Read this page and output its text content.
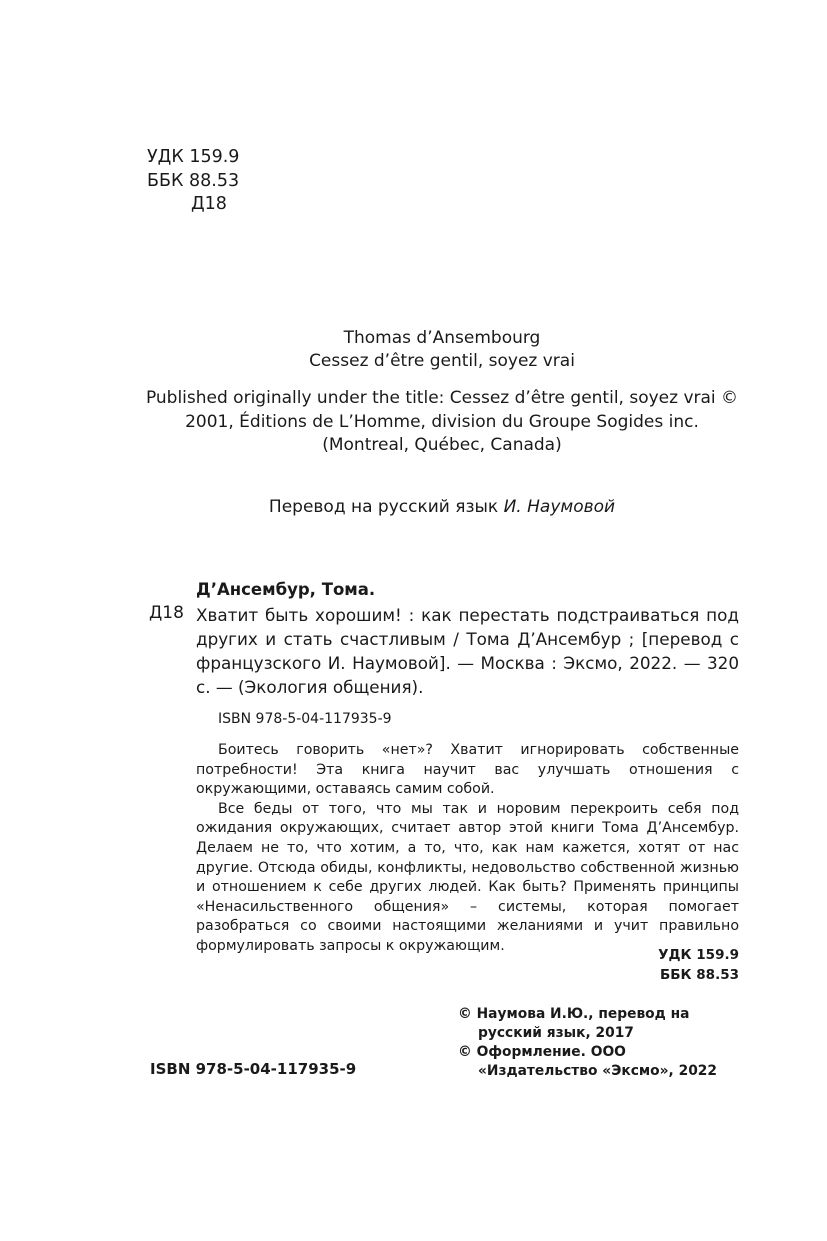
УДК 159.9
ББК 88.53
Д18
Thomas d’Ansembourg
Cessez d’être gentil, soyez vrai
Published originally under the title: Cessez d’être gentil, soyez vrai © 2001, Éditions de L’Homme, division du Groupe Sogides inc. (Montreal, Québec, Canada)
Перевод на русский язык И. Наумовой
Д’Ансембур, Тома.
Д18 Хватит быть хорошим! : как перестать подстраиваться под других и стать счастливым / Тома Д’Ансембур ; [перевод с французского И. Наумовой]. — Москва : Эксмо, 2022. — 320 с. — (Экология общения).
ISBN 978-5-04-117935-9

Боитесь говорить «нет»? Хватит игнорировать собственные потребности! Эта книга научит вас улучшать отношения с окружающими, оставаясь самим собой.

Все беды от того, что мы так и норовим перекроить себя под ожидания окружающих, считает автор этой книги Тома Д’Ансембур. Делаем не то, что хотим, а то, что, как нам кажется, хотят от нас другие. Отсюда обиды, конфликты, недовольство собственной жизнью и отношением к себе других людей. Как быть? Применять принципы «Ненасильственного общения» – системы, которая помогает разобраться со своими настоящими желаниями и учит правильно формулировать запросы к окружающим.

УДК 159.9
ББК 88.53
© Наумова И.Ю., перевод на русский язык, 2017
© Оформление. ООО «Издательство «Эксмо», 2022
ISBN 978-5-04-117935-9
